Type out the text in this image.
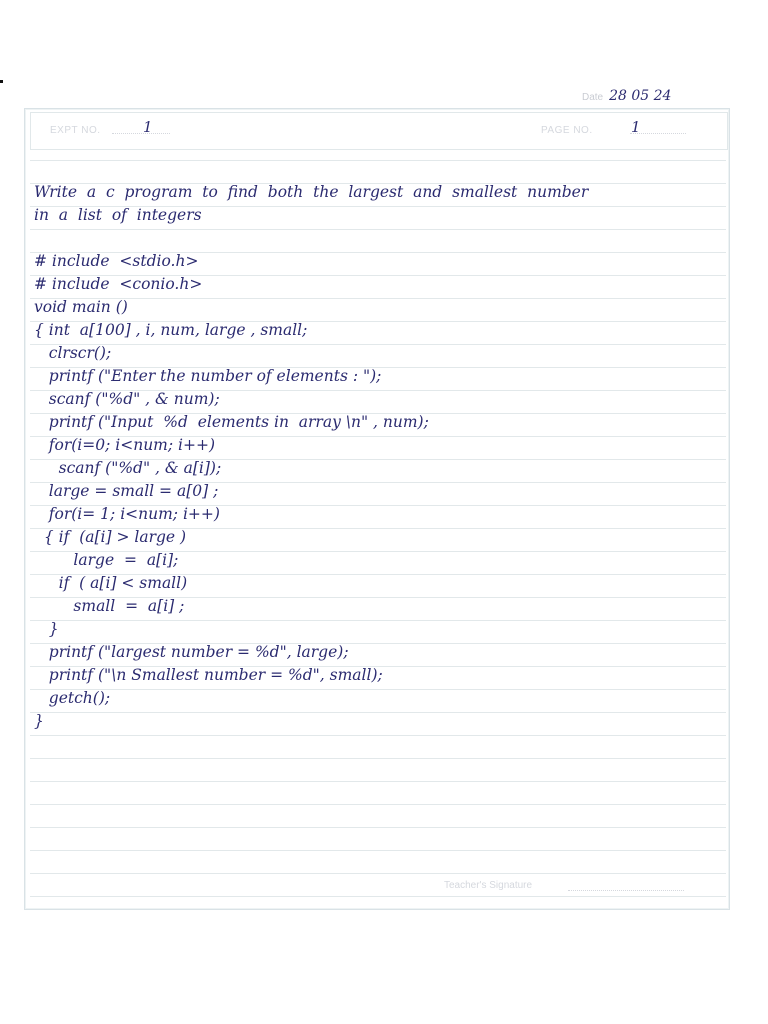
Date 28 05 24
EXPT NO.	1	PAGE NO.	1
Write  a  c  program  to  find  both  the  largest  and  smallest  number
in  a  list  of  integers
# include  <stdio.h>
# include  <conio.h>
void main ()
{ int  a[100] , i, num, large , small;
clrscr();
printf ("Enter the number of elements : ");
scanf ("%d" , & num);
printf ("Input  %d  elements in  array \n" , num);
for(i=0; i<num; i++)
scanf ("%d" , & a[i]);
large = small = a[0] ;
for(i= 1; i<num; i++)
{ if  (a[i] > large )
large  =  a[i];
if  ( a[i] < small)
small  =  a[i] ;
}
printf ("largest number = %d", large);
printf ("\n Smallest number = %d", small);
getch();
}
Teacher's Signature
